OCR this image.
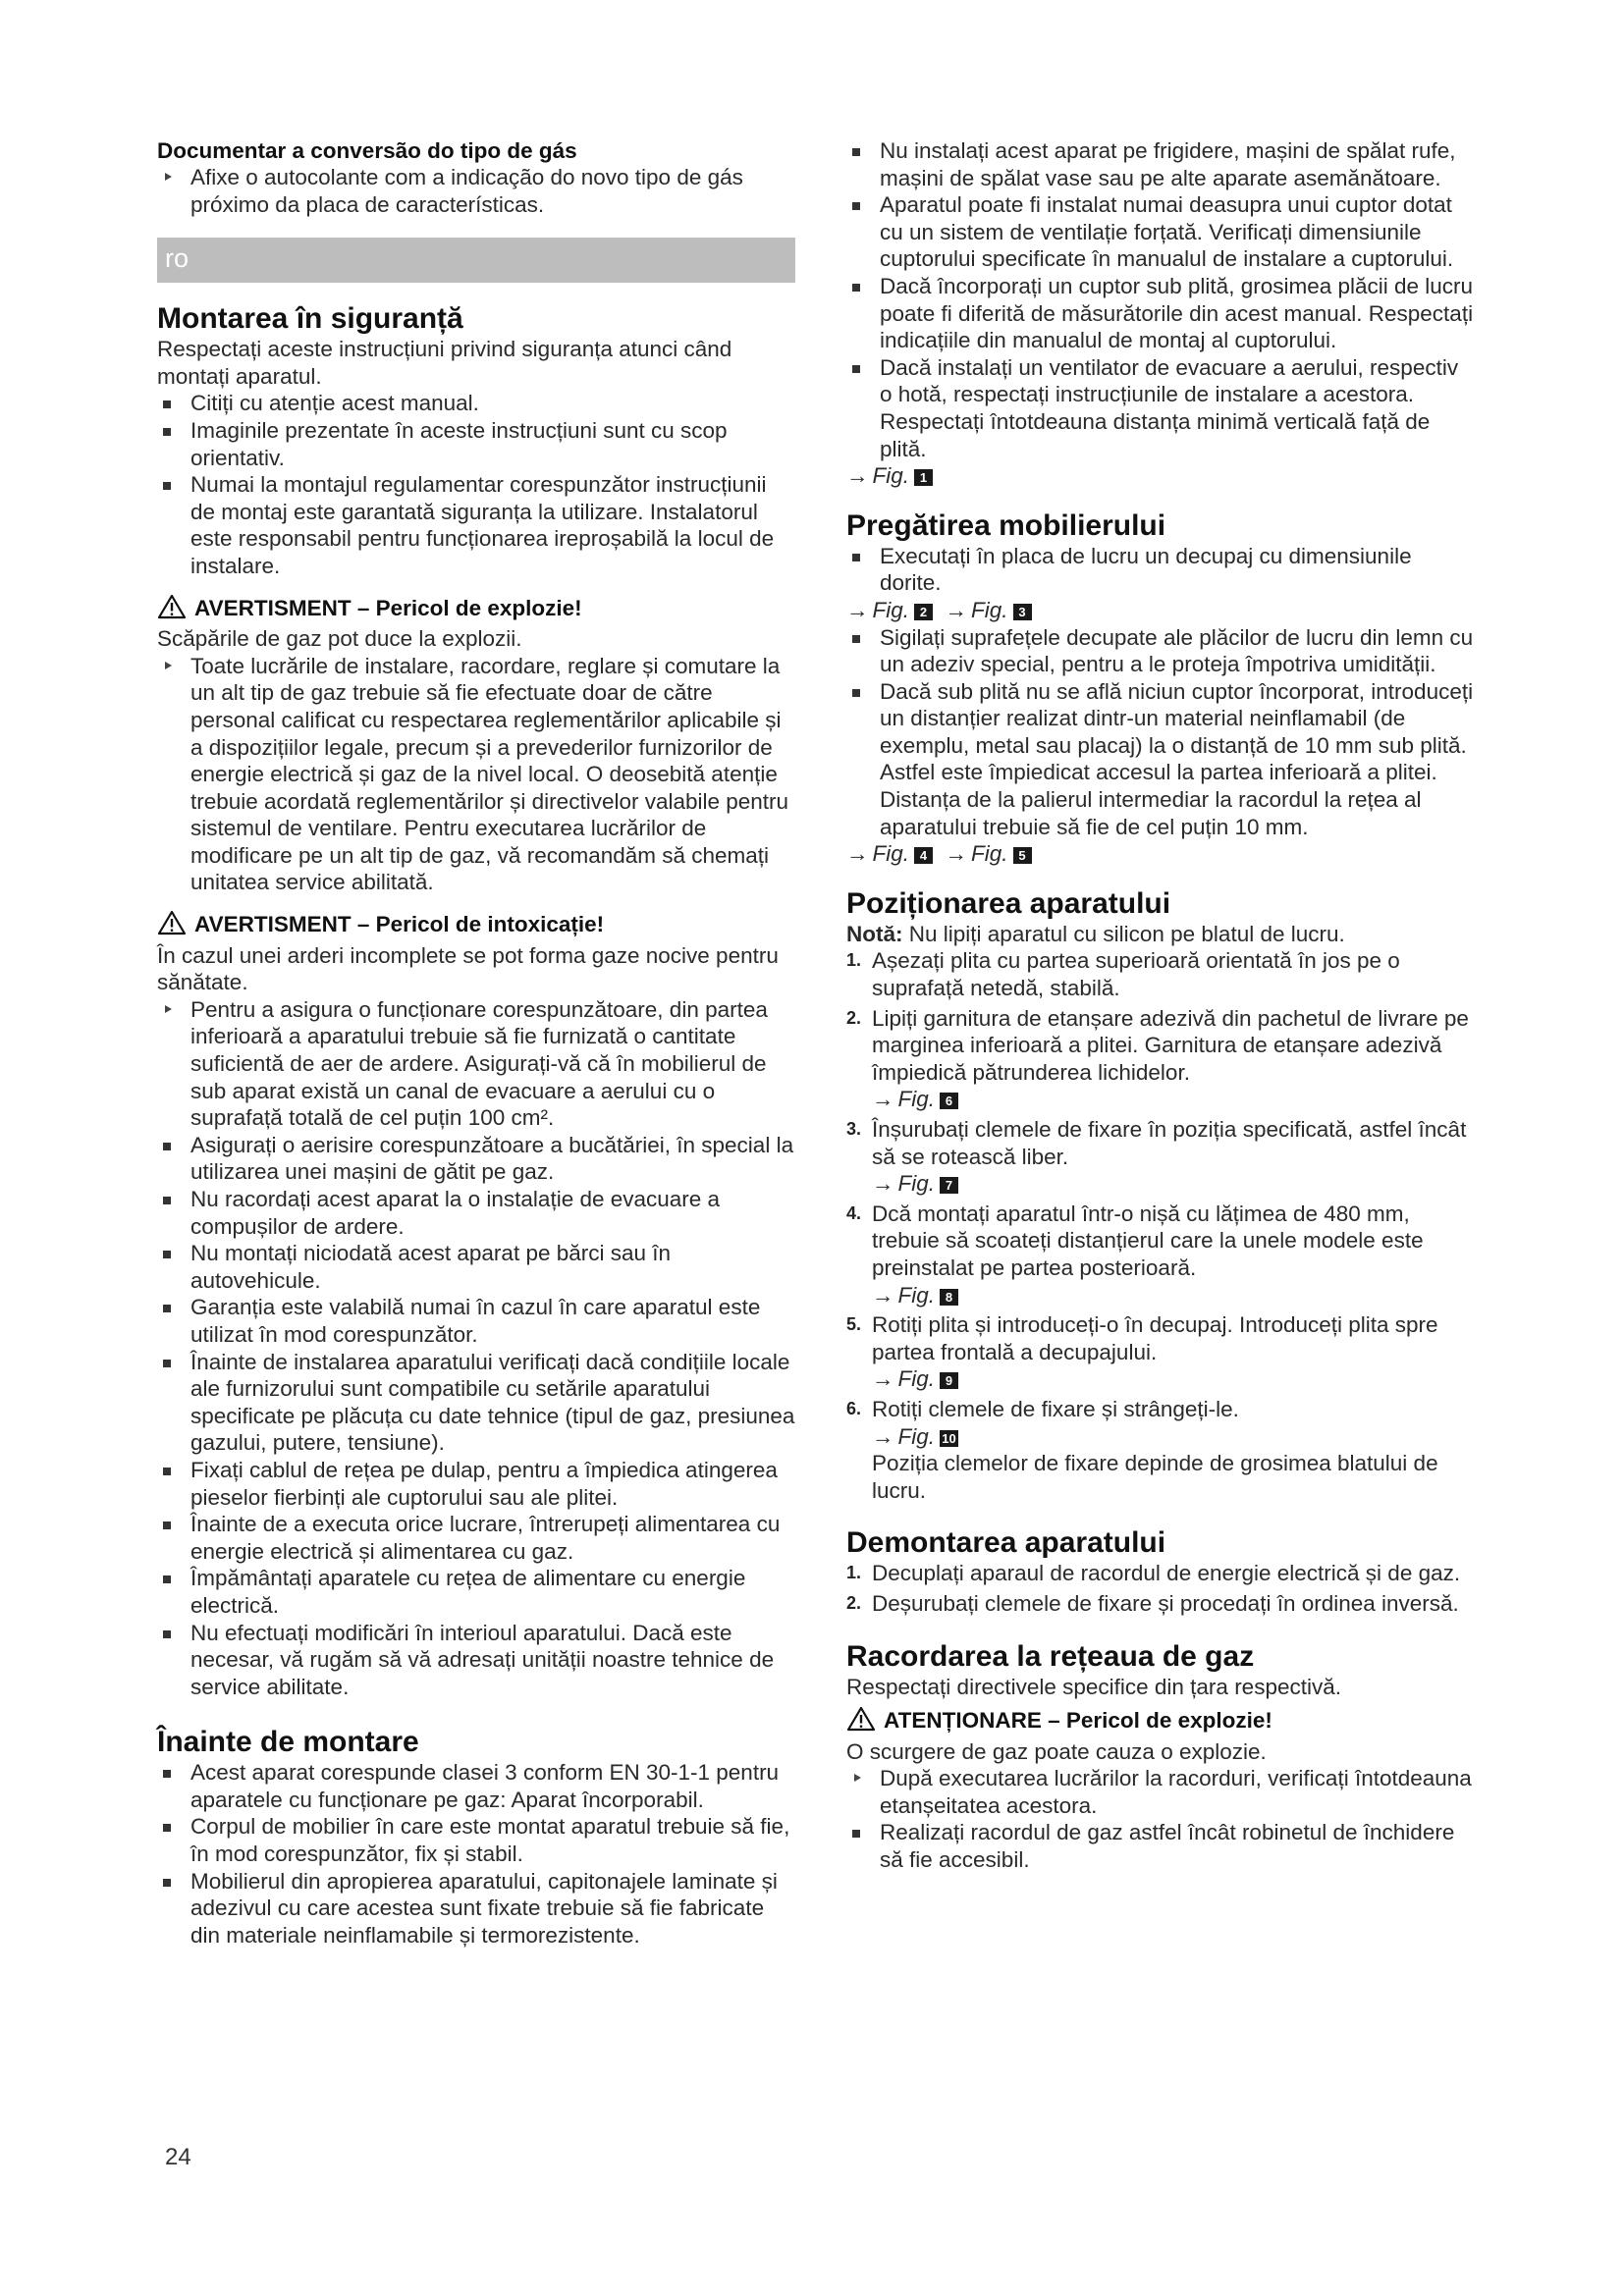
Documentar a conversão do tipo de gás

Afixe o autocolante com a indicação do novo tipo de gás próximo da placa de características.
ro

Montarea în siguranță

Respectați aceste instrucțiuni privind siguranța atunci când montați aparatul.

Citiți cu atenție acest manual.
Imaginile prezentate în aceste instrucțiuni sunt cu scop orientativ.
Numai la montajul regulamentar corespunzător instrucțiunii de montaj este garantată siguranța la utilizare. Instalatorul este responsabil pentru funcționarea ireproșabilă la locul de instalare.

AVERTISMENT – Pericol de explozie!

Scăpările de gaz pot duce la explozii.

Toate lucrările de instalare, racordare, reglare și comutare la un alt tip de gaz trebuie să fie efectuate doar de către personal calificat cu respectarea reglementărilor aplicabile și a dispozițiilor legale, precum și a prevederilor furnizorilor de energie electrică și gaz de la nivel local. O deosebită atenție trebuie acordată reglementărilor și directivelor valabile pentru sistemul de ventilare. Pentru executarea lucrărilor de modificare pe un alt tip de gaz, vă recomandăm să chemați unitatea service abilitată.

AVERTISMENT – Pericol de intoxicație!

În cazul unei arderi incomplete se pot forma gaze nocive pentru sănătate.

Pentru a asigura o funcționare corespunzătoare, din partea inferioară a aparatului trebuie să fie furnizată o cantitate suficientă de aer de ardere. Asigurați-vă că în mobilierul de sub aparat există un canal de evacuare a aerului cu o suprafață totală de cel puțin 100 cm².
Asigurați o aerisire corespunzătoare a bucătăriei, în special la utilizarea unei mașini de gătit pe gaz.
Nu racordați acest aparat la o instalație de evacuare a compușilor de ardere.
Nu montați niciodată acest aparat pe bărci sau în autovehicule.
Garanția este valabilă numai în cazul în care aparatul este utilizat în mod corespunzător.
Înainte de instalarea aparatului verificați dacă condițiile locale ale furnizorului sunt compatibile cu setările aparatului specificate pe plăcuța cu date tehnice (tipul de gaz, presiunea gazului, putere, tensiune).
Fixați cablul de rețea pe dulap, pentru a împiedica atingerea pieselor fierbinți ale cuptorului sau ale plitei.
Înainte de a executa orice lucrare, întrerupeți alimentarea cu energie electrică și alimentarea cu gaz.
Împământați aparatele cu rețea de alimentare cu energie electrică.
Nu efectuați modificări în interioul aparatului. Dacă este necesar, vă rugăm să vă adresați unității noastre tehnice de service abilitate.

Înainte de montare

Acest aparat corespunde clasei 3 conform EN 30-1-1 pentru aparatele cu funcționare pe gaz: Aparat încorporabil.
Corpul de mobilier în care este montat aparatul trebuie să fie, în mod corespunzător, fix și stabil.
Mobilierul din apropierea aparatului, capitonajele laminate și adezivul cu care acestea sunt fixate trebuie să fie fabricate din materiale neinflamabile și termorezistente.
24
Nu instalați acest aparat pe frigidere, mașini de spălat rufe, mașini de spălat vase sau pe alte aparate asemănătoare.
Aparatul poate fi instalat numai deasupra unui cuptor dotat cu un sistem de ventilație forțată. Verificați dimensiunile cuptorului specificate în manualul de instalare a cuptorului.
Dacă încorporați un cuptor sub plită, grosimea plăcii de lucru poate fi diferită de măsurătorile din acest manual. Respectați indicațiile din manualul de montaj al cuptorului.
Dacă instalați un ventilator de evacuare a aerului, respectiv o hotă, respectați instrucțiunile de instalare a acestora. Respectați întotdeauna distanța minimă verticală față de plită.
→ Fig. 1

Pregătirea mobilierului

Executați în placa de lucru un decupaj cu dimensiunile dorite.
→ Fig. 2 → Fig. 3
Sigilați suprafețele decupate ale plăcilor de lucru din lemn cu un adeziv special, pentru a le proteja împotriva umidității.
Dacă sub plită nu se află niciun cuptor încorporat, introduceți un distanțier realizat dintr-un material neinflamabil (de exemplu, metal sau placaj) la o distanță de 10 mm sub plită. Astfel este împiedicat accesul la partea inferioară a plitei. Distanța de la palierul intermediar la racordul la rețea al aparatului trebuie să fie de cel puțin 10 mm.
→ Fig. 4 → Fig. 5

Poziționarea aparatului

Notă: Nu lipiți aparatul cu silicon pe blatul de lucru.

1. Așezați plita cu partea superioară orientată în jos pe o suprafață netedă, stabilă.
2. Lipiți garnitura de etanșare adezivă din pachetul de livrare pe marginea inferioară a plitei. Garnitura de etanșare adezivă împiedică pătrunderea lichidelor.
→ Fig. 6
3. Înșurubați clemele de fixare în poziția specificată, astfel încât să se rotească liber.
→ Fig. 7
4. Dcă montați aparatul într-o nișă cu lățimea de 480 mm, trebuie să scoateți distanțierul care la unele modele este preinstalat pe partea posterioară.
→ Fig. 8
5. Rotiți plita și introduceți-o în decupaj. Introduceți plita spre partea frontală a decupajului.
→ Fig. 9
6. Rotiți clemele de fixare și strângeți-le.
→ Fig. 10
Poziția clemelor de fixare depinde de grosimea blatului de lucru.

Demontarea aparatului

1. Decuplați aparaul de racordul de energie electrică și de gaz.
2. Deșurubați clemele de fixare și procedați în ordinea inversă.

Racordarea la rețeaua de gaz

Respectați directivele specifice din țara respectivă.

ATENȚIONARE – Pericol de explozie!

O scurgere de gaz poate cauza o explozie.

După executarea lucrărilor la racorduri, verificați întotdeauna etanșeitatea acestora.
Realizați racordul de gaz astfel încât robinetul de închidere să fie accesibil.
